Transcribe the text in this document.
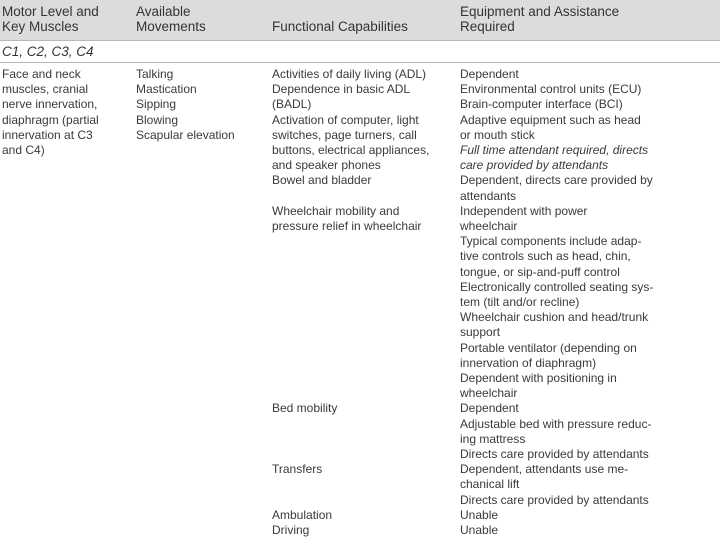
Motor Level and
Key Muscles
Available
Movements	Functional Capabilities
Equipment and Assistance
Required
C1, C2, C3, C4
Face and neck
muscles, cranial
nerve innervation,
diaphragm (partial
innervation at C3
and C4)
Talking
Mastication
Sipping
Blowing
Scapular elevation
Activities of daily living (ADL)
Dependence in basic ADL
(BADL)
Activation of computer, light
switches, page turners, call
buttons, electrical appliances,
and speaker phones
Bowel and bladder

Wheelchair mobility and
pressure relief in wheelchair

Bed mobility

Transfers

Ambulation
Driving
Dependent
Environmental control units (ECU)
Brain-computer interface (BCI)
Adaptive equipment such as head
or mouth stick
Full time attendant required, directs
care provided by attendants
Dependent, directs care provided by
attendants
Independent with power
wheelchair
Typical components include adap-
tive controls such as head, chin,
tongue, or sip-and-puff control
Electronically controlled seating sys-
tem (tilt and/or recline)
Wheelchair cushion and head/trunk
support
Portable ventilator (depending on
innervation of diaphragm)
Dependent with positioning in
wheelchair
Dependent
Adjustable bed with pressure reduc-
ing mattress
Directs care provided by attendants
Dependent, attendants use me-
chanical lift
Directs care provided by attendants
Unable
Unable
